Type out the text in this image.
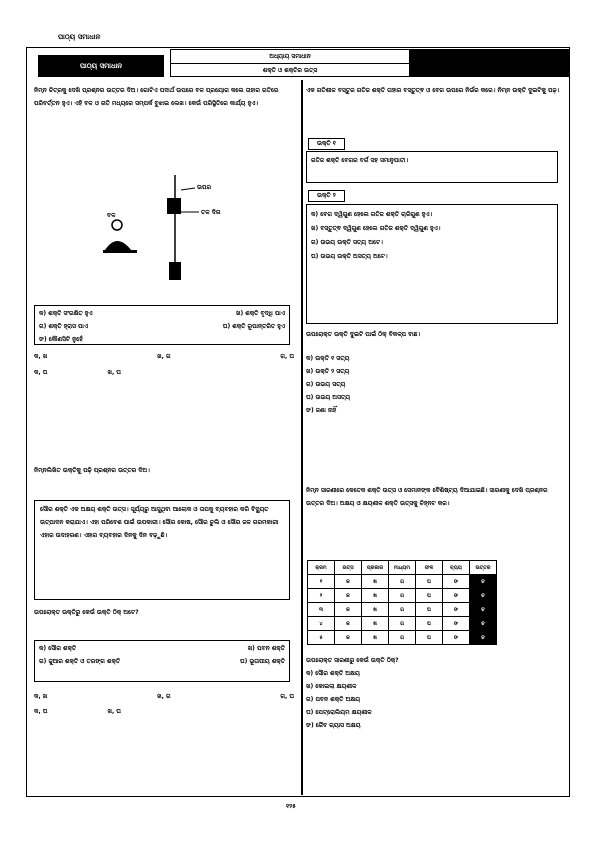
ପାଠ୍ୟ ସମାଧାନ
ପାଠ୍ୟ ସମାଧାନ
ଅଧ୍ୟାୟ ସମାଧାନ
ଶକ୍ତି ଓ ଶକ୍ତିର ଉତ୍ସ
ନିମ୍ନ ଚିତ୍ରକୁ ଦେଖି ପ୍ରଶ୍ନର ଉତ୍ତର ଦିଅ। ଗୋଟିଏ ପଦାର୍ଥ ଉପରେ ବଳ ପ୍ରୟୋଗ କଲେ ତାହାର ଗତିରେ ପରିବର୍ତ୍ତନ ହୁଏ। ଏହି ବଳ ଓ ଗତି ମଧ୍ୟରେ ସମ୍ପର୍କ ବୁଝାଇ ଲେଖ। କେଉଁ ପରିସ୍ଥିତିରେ କାର୍ଯ୍ୟ ହୁଏ।
ଉପର
ତଳ ଦିଗ
ବଳ
କ) ଶକ୍ତି ସଂରକ୍ଷିତ ହୁଏ	ଖ) ଶକ୍ତି ବୃଦ୍ଧି ପାଏ
ଗ) ଶକ୍ତି ହ୍ରାସ ପାଏ	ଘ) ଶକ୍ତି ରୂପାନ୍ତରିତ ହୁଏ
ଙ) କୌଣସିଟି ନୁହେଁ
କ, ଖ	ଖ, ଗ	ଗ, ଘ
କ, ଘ	ଖ, ଘ
ନିମ୍ନଲିଖିତ ଉକ୍ତିକୁ ପଢ଼ି ପ୍ରଶ୍ନର ଉତ୍ତର ଦିଅ।
ସୌର ଶକ୍ତି ଏକ ଅକ୍ଷୟ ଶକ୍ତି ଉତ୍ସ। ସୂର୍ଯ୍ୟରୁ ଆସୁଥିବା ଆଲୋକ ଓ ତାପକୁ ବ୍ୟବହାର କରି ବିଦ୍ୟୁତ ଉତ୍ପାଦନ କରାଯାଏ। ଏହା ପରିବେଶ ପାଇଁ ଉପକାରୀ। ସୌର କୋଷ, ସୌର ଚୁଲି ଓ ସୌର ଜଳ ଗରମକାରୀ ଏହାର ଉଦାହରଣ। ଏହାର ବ୍ୟବହାର ଦିନକୁ ଦିନ ବଢ଼ୁଛି।
ଉପରୋକ୍ତ ଉକ୍ତିରୁ କେଉଁ ଉକ୍ତି ଠିକ୍ ଅଟେ?
କ) ସୌର ଶକ୍ତି	ଖ) ପବନ ଶକ୍ତି
ଗ) ଜୁଆର ଶକ୍ତି ଓ ତରଙ୍ଗ ଶକ୍ତି	ଘ) ଭୂତାପୀୟ ଶକ୍ତି
କ, ଖ	ଖ, ଗ	ଗ, ଘ
କ, ଘ	ଖ, ଘ
ଏକ ଗତିଶୀଳ ବସ୍ତୁର ଗତିଜ ଶକ୍ତି ତାହାର ବସ୍ତୁତ୍ଵ ଓ ବେଗ ଉପରେ ନିର୍ଭର କରେ। ନିମ୍ନ ଉକ୍ତି ଦୁଇଟିକୁ ପଢ଼।
ଉକ୍ତି ୧
ଗତିଜ ଶକ୍ତି ବେଗର ବର୍ଗ ସହ ସମାନୁପାତୀ।
ଉକ୍ତି ୨
କ) ବେଗ ଦ୍ୱିଗୁଣ ହେଲେ ଗତିଜ ଶକ୍ତି ଚାରିଗୁଣ ହୁଏ।
ଖ) ବସ୍ତୁତ୍ଵ ଦ୍ୱିଗୁଣ ହେଲେ ଗତିଜ ଶକ୍ତି ଦ୍ୱିଗୁଣ ହୁଏ।
ଗ) ଉଭୟ ଉକ୍ତି ସତ୍ୟ ଅଟେ।
ଘ) ଉଭୟ ଉକ୍ତି ଅସତ୍ୟ ଅଟେ।
ଉପରୋକ୍ତ ଉକ୍ତି ଦୁଇଟି ପାଇଁ ଠିକ୍ ବିକଳ୍ପ ବାଛ।
କ) ଉକ୍ତି ୧ ସତ୍ୟ
ଖ) ଉକ୍ତି ୨ ସତ୍ୟ
ଗ) ଉଭୟ ସତ୍ୟ
ଘ) ଉଭୟ ଅସତ୍ୟ
ଙ) ଜଣା ନାହିଁ
ନିମ୍ନ ସାରଣୀରେ କେତେକ ଶକ୍ତି ଉତ୍ସ ଓ ସେମାନଙ୍କ ବୈଶିଷ୍ଟ୍ୟ ଦିଆଯାଇଛି। ସାରଣୀକୁ ଦେଖି ପ୍ରଶ୍ନର ଉତ୍ତର ଦିଅ। ଅକ୍ଷୟ ଓ କ୍ଷୟଶୀଳ ଶକ୍ତି ଉତ୍ସକୁ ଚିହ୍ନଟ କର।
କ୍ରମ	ଉତ୍ସ	ପ୍ରକାର	ମାଧ୍ୟମ	ଫଳ	ବ୍ୟୟ	ଉତ୍ତର
୧	କ	ଖ	ଗ	ଘ	ଙ	ଚ
୨	କ	ଖ	ଗ	ଘ	ଙ	ଚ
୩	କ	ଖ	ଗ	ଘ	ଙ	ଚ
୪	କ	ଖ	ଗ	ଘ	ଙ	ଚ
୫	କ	ଖ	ଗ	ଘ	ଙ	ଚ
ଉପରୋକ୍ତ ସାରଣୀରୁ କେଉଁ ଉକ୍ତି ଠିକ୍?
କ) ସୌର ଶକ୍ତି ଅକ୍ଷୟ
ଖ) କୋଇଲା କ୍ଷୟଶୀଳ
ଗ) ପବନ ଶକ୍ତି ଅକ୍ଷୟ
ଘ) ପେଟ୍ରୋଲିୟମ କ୍ଷୟଶୀଳ
ଙ) ଜୈବ ଗ୍ୟାସ ଅକ୍ଷୟ
୧୨୫
